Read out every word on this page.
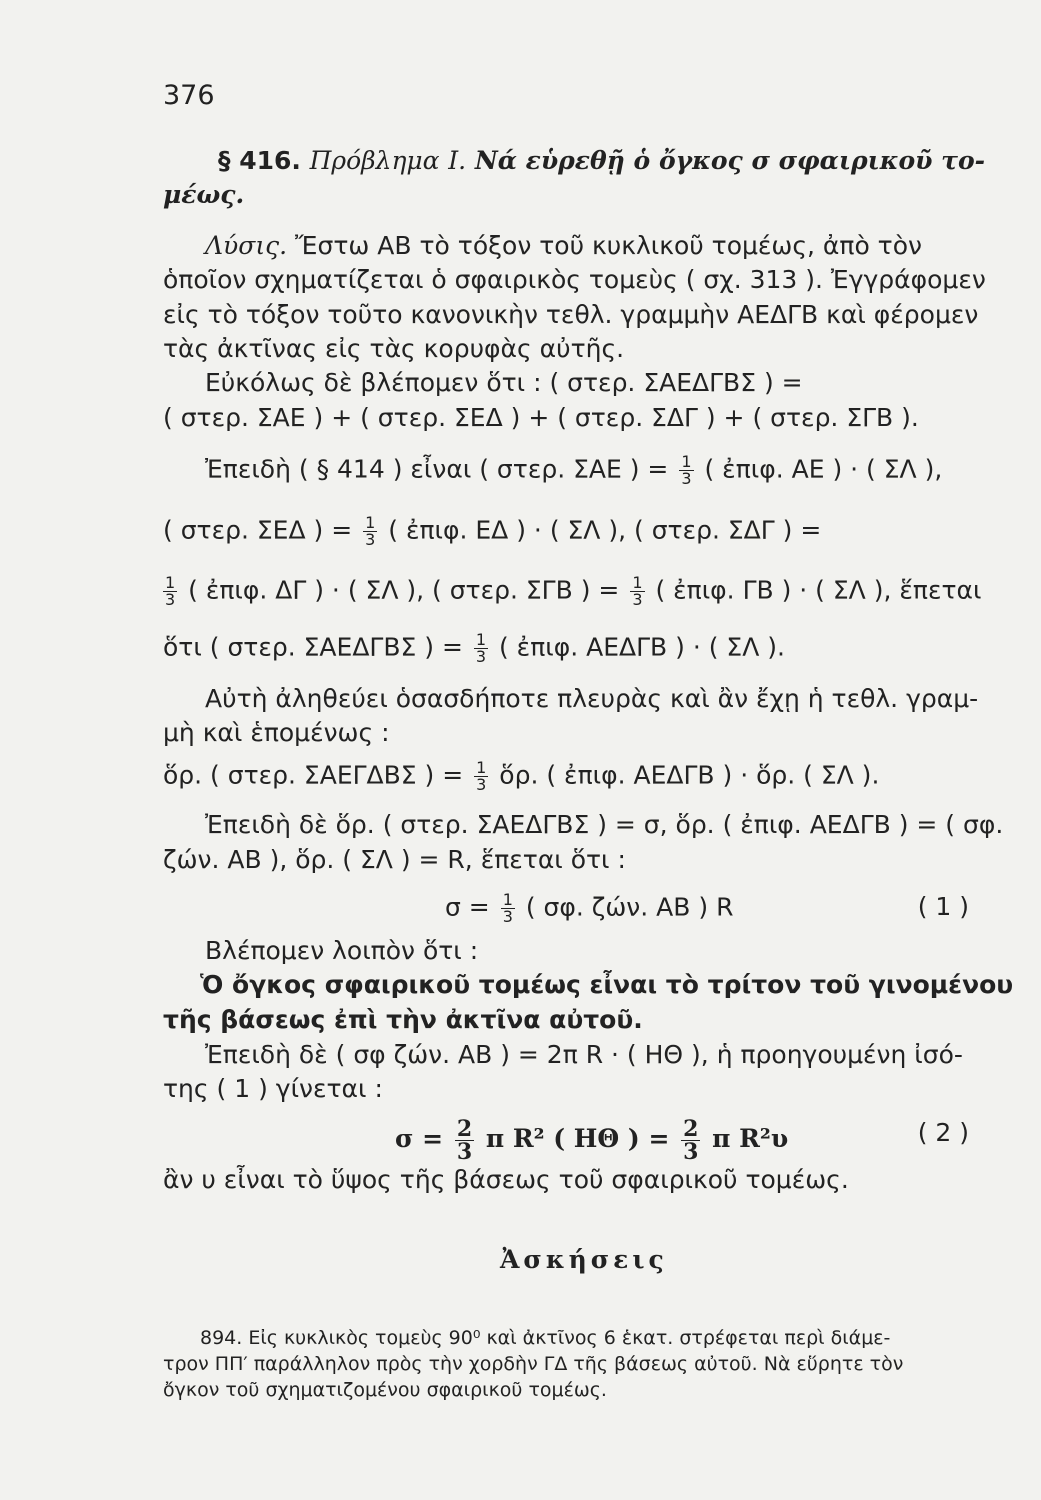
376
§ 416. Πρόβλημα Ι. Νά εὑρεθῇ ὁ ὄγκος σ σφαιρικοῦ το-
μέως.
Λύσις. Ἔστω ΑΒ τὸ τόξον τοῦ κυκλικοῦ τομέως, ἀπὸ τὸν
ὁποῖον σχηματίζεται ὁ σφαιρικὸς τομεὺς ( σχ. 313 ). Ἐγγράφομεν
εἰς τὸ τόξον τοῦτο κανονικὴν τεθλ. γραμμὴν ΑΕΔΓΒ καὶ φέρομεν
τὰς ἀκτῖνας εἰς τὰς κορυφὰς αὐτῆς.
Εὐκόλως δὲ βλέπομεν ὅτι : ( στερ. ΣΑΕΔΓΒΣ ) =
( στερ. ΣΑΕ ) + ( στερ. ΣΕΔ ) + ( στερ. ΣΔΓ ) + ( στερ. ΣΓΒ ).
Ἐπειδὴ ( § 414 ) εἶναι ( στερ. ΣΑΕ ) = $\frac{1}{3}$ ( ἐπιφ. ΑΕ ) · ( ΣΛ ),
( στερ. ΣΕΔ ) = $\frac{1}{3}$ ( ἐπιφ. ΕΔ ) · ( ΣΛ ), ( στερ. ΣΔΓ ) =
$\frac{1}{3}$ ( ἐπιφ. ΔΓ ) · ( ΣΛ ), ( στερ. ΣΓΒ ) = $\frac{1}{3}$ ( ἐπιφ. ΓΒ ) · ( ΣΛ ), ἕπεται
ὅτι ( στερ. ΣΑΕΔΓΒΣ ) = $\frac{1}{3}$ ( ἐπιφ. ΑΕΔΓΒ ) · ( ΣΛ ).
Αὐτὴ ἀληθεύει ὁσασδήποτε πλευρὰς καὶ ἂν ἔχῃ ἡ τεθλ. γραμ-
μὴ καὶ ἑπομένως :
ὅρ. ( στερ. ΣΑΕΓΔΒΣ ) = $\frac{1}{3}$ ὅρ. ( ἐπιφ. ΑΕΔΓΒ ) · ὅρ. ( ΣΛ ).
Ἐπειδὴ δὲ ὅρ. ( στερ. ΣΑΕΔΓΒΣ ) = σ, ὅρ. ( ἐπιφ. ΑΕΔΓΒ ) = ( σφ.
ζών. ΑΒ ), ὅρ. ( ΣΛ ) = R, ἕπεται ὅτι :
$\sigma = \frac{1}{3}$ ( σφ. ζών. ΑΒ ) R	( 1 )
Βλέπομεν λοιπὸν ὅτι :
Ὁ ὄγκος σφαιρικοῦ τομέως εἶναι τὸ τρίτον τοῦ γινομένου
τῆς βάσεως ἐπὶ τὴν ἀκτῖνα αὐτοῦ.
Ἐπειδὴ δὲ ( σφ ζών. ΑΒ ) = 2π R · ( ΗΘ ), ἡ προηγουμένη ἰσό-
της ( 1 ) γίνεται :
$\sigma = \frac{2}{3}$ π R² ( ΗΘ ) = $\frac{2}{3}$ π R²υ	( 2 )
ἂν υ εἶναι τὸ ὕψος τῆς βάσεως τοῦ σφαιρικοῦ τομέως.
Ἀσκήσεις
894. Εἰς κυκλικὸς τομεὺς 90⁰ καὶ ἀκτῖνος 6 ἑκατ. στρέφεται περὶ διάμε-
τρον ΠΠ′ παράλληλον πρὸς τὴν χορδὴν ΓΔ τῆς βάσεως αὐτοῦ. Νὰ εὕρητε τὸν
ὄγκον τοῦ σχηματιζομένου σφαιρικοῦ τομέως.
